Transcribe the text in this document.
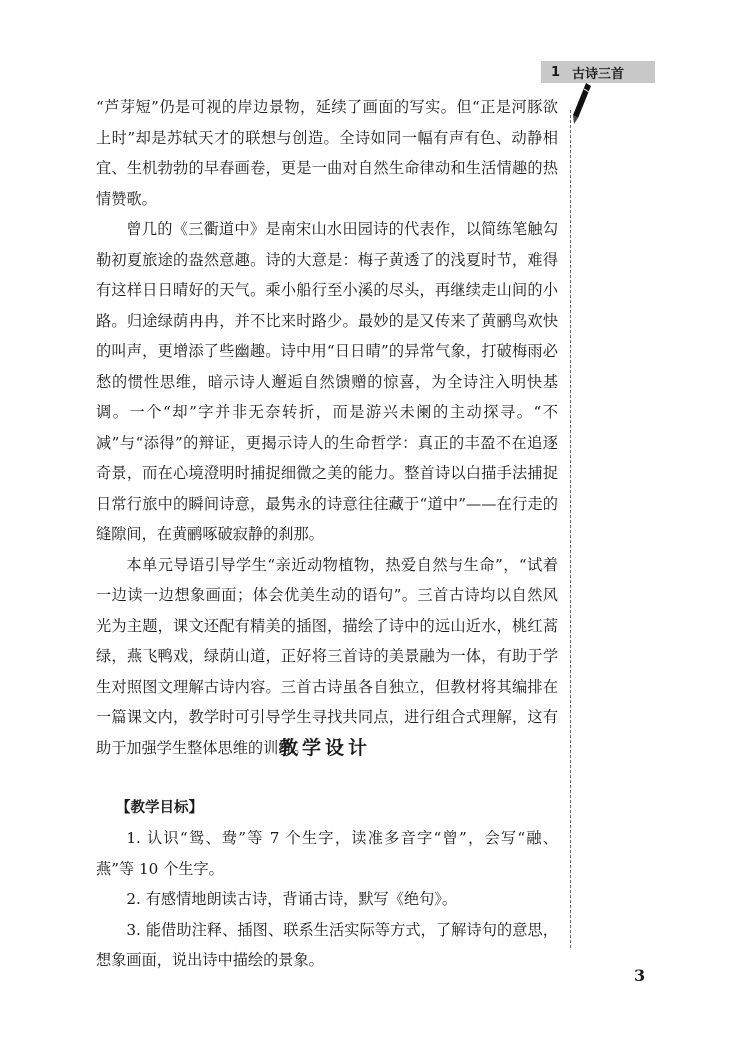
1 古诗三首

“芦芽短”仍是可视的岸边景物，延续了画面的写实。但“正是河豚欲上时”却是苏轼天才的联想与创造。全诗如同一幅有声有色、动静相宜、生机勃勃的早春画卷，更是一曲对自然生命律动和生活情趣的热情赞歌。

曾几的《三衢道中》是南宋山水田园诗的代表作，以简练笔触勾勒初夏旅途的盎然意趣。诗的大意是：梅子黄透了的浅夏时节，难得有这样日日晴好的天气。乘小船行至小溪的尽头，再继续走山间的小路。归途绿荫冉冉，并不比来时路少。最妙的是又传来了黄鹂鸟欢快的叫声，更增添了些幽趣。诗中用“日日晴”的异常气象，打破梅雨必愁的惯性思维，暗示诗人邂逅自然馈赠的惊喜，为全诗注入明快基调。一个“却”字并非无奈转折，而是游兴未阑的主动探寻。“不减”与“添得”的辩证，更揭示诗人的生命哲学：真正的丰盈不在追逐奇景，而在心境澄明时捕捉细微之美的能力。整首诗以白描手法捕捉日常行旅中的瞬间诗意，最隽永的诗意往往藏于“道中”——在行走的缝隙间，在黄鹂啄破寂静的刹那。

本单元导语引导学生“亲近动物植物，热爱自然与生命”，“试着一边读一边想象画面；体会优美生动的语句”。三首古诗均以自然风光为主题，课文还配有精美的插图，描绘了诗中的远山近水，桃红蒿绿，燕飞鸭戏，绿荫山道，正好将三首诗的美景融为一体，有助于学生对照图文理解古诗内容。三首古诗虽各自独立，但教材将其编排在一篇课文内，教学时可引导学生寻找共同点，进行组合式理解，这有助于加强学生整体思维的训练。

教学设计

【教学目标】

1. 认识“鸳、鸯”等 7 个生字，读准多音字“曾”，会写“融、燕”等 10 个生字。

2. 有感情地朗读古诗，背诵古诗，默写《绝句》。

3. 能借助注释、插图、联系生活实际等方式，了解诗句的意思，想象画面，说出诗中描绘的景象。

3
